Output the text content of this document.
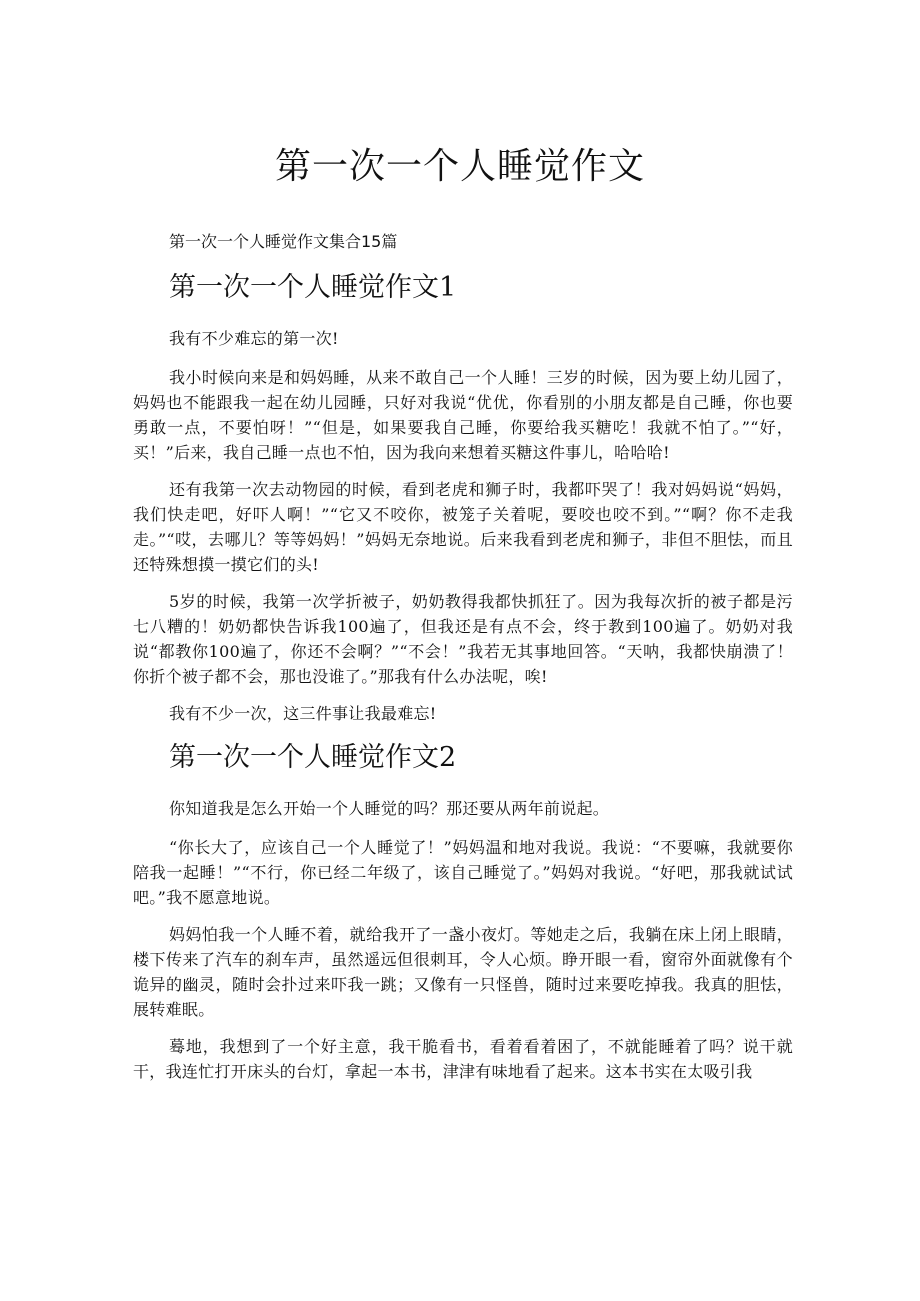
第一次一个人睡觉作文

第一次一个人睡觉作文集合15篇

第一次一个人睡觉作文1

我有不少难忘的第一次!

我小时候向来是和妈妈睡，从来不敢自己一个人睡！三岁的时候，因为要上幼儿园了，妈妈也不能跟我一起在幼儿园睡，只好对我说“优优，你看别的小朋友都是自己睡，你也要勇敢一点，不要怕呀！”“但是，如果要我自己睡，你要给我买糖吃！我就不怕了。”“好，买！”后来，我自己睡一点也不怕，因为我向来想着买糖这件事儿，哈哈哈!

还有我第一次去动物园的时候，看到老虎和狮子时，我都吓哭了！我对妈妈说“妈妈，我们快走吧，好吓人啊！”“它又不咬你，被笼子关着呢，要咬也咬不到。”“啊？你不走我走。”“哎，去哪儿？等等妈妈！”妈妈无奈地说。后来我看到老虎和狮子，非但不胆怯，而且还特殊想摸一摸它们的头!

5岁的时候，我第一次学折被子，奶奶教得我都快抓狂了。因为我每次折的被子都是污七八糟的！奶奶都快告诉我100遍了，但我还是有点不会，终于教到100遍了。奶奶对我说“都教你100遍了，你还不会啊？”“不会！”我若无其事地回答。“天呐，我都快崩溃了！你折个被子都不会，那也没谁了。”那我有什么办法呢，唉!

我有不少一次，这三件事让我最难忘!

第一次一个人睡觉作文2

你知道我是怎么开始一个人睡觉的吗？那还要从两年前说起。

“你长大了，应该自己一个人睡觉了！”妈妈温和地对我说。我说：“不要嘛，我就要你陪我一起睡！”“不行，你已经二年级了，该自己睡觉了。”妈妈对我说。“好吧，那我就试试吧。”我不愿意地说。

妈妈怕我一个人睡不着，就给我开了一盏小夜灯。等她走之后，我躺在床上闭上眼睛，楼下传来了汽车的刹车声，虽然遥远但很刺耳，令人心烦。睁开眼一看，窗帘外面就像有个诡异的幽灵，随时会扑过来吓我一跳；又像有一只怪兽，随时过来要吃掉我。我真的胆怯，展转难眠。

蓦地，我想到了一个好主意，我干脆看书，看着看着困了，不就能睡着了吗？说干就干，我连忙打开床头的台灯，拿起一本书，津津有味地看了起来。这本书实在太吸引我
